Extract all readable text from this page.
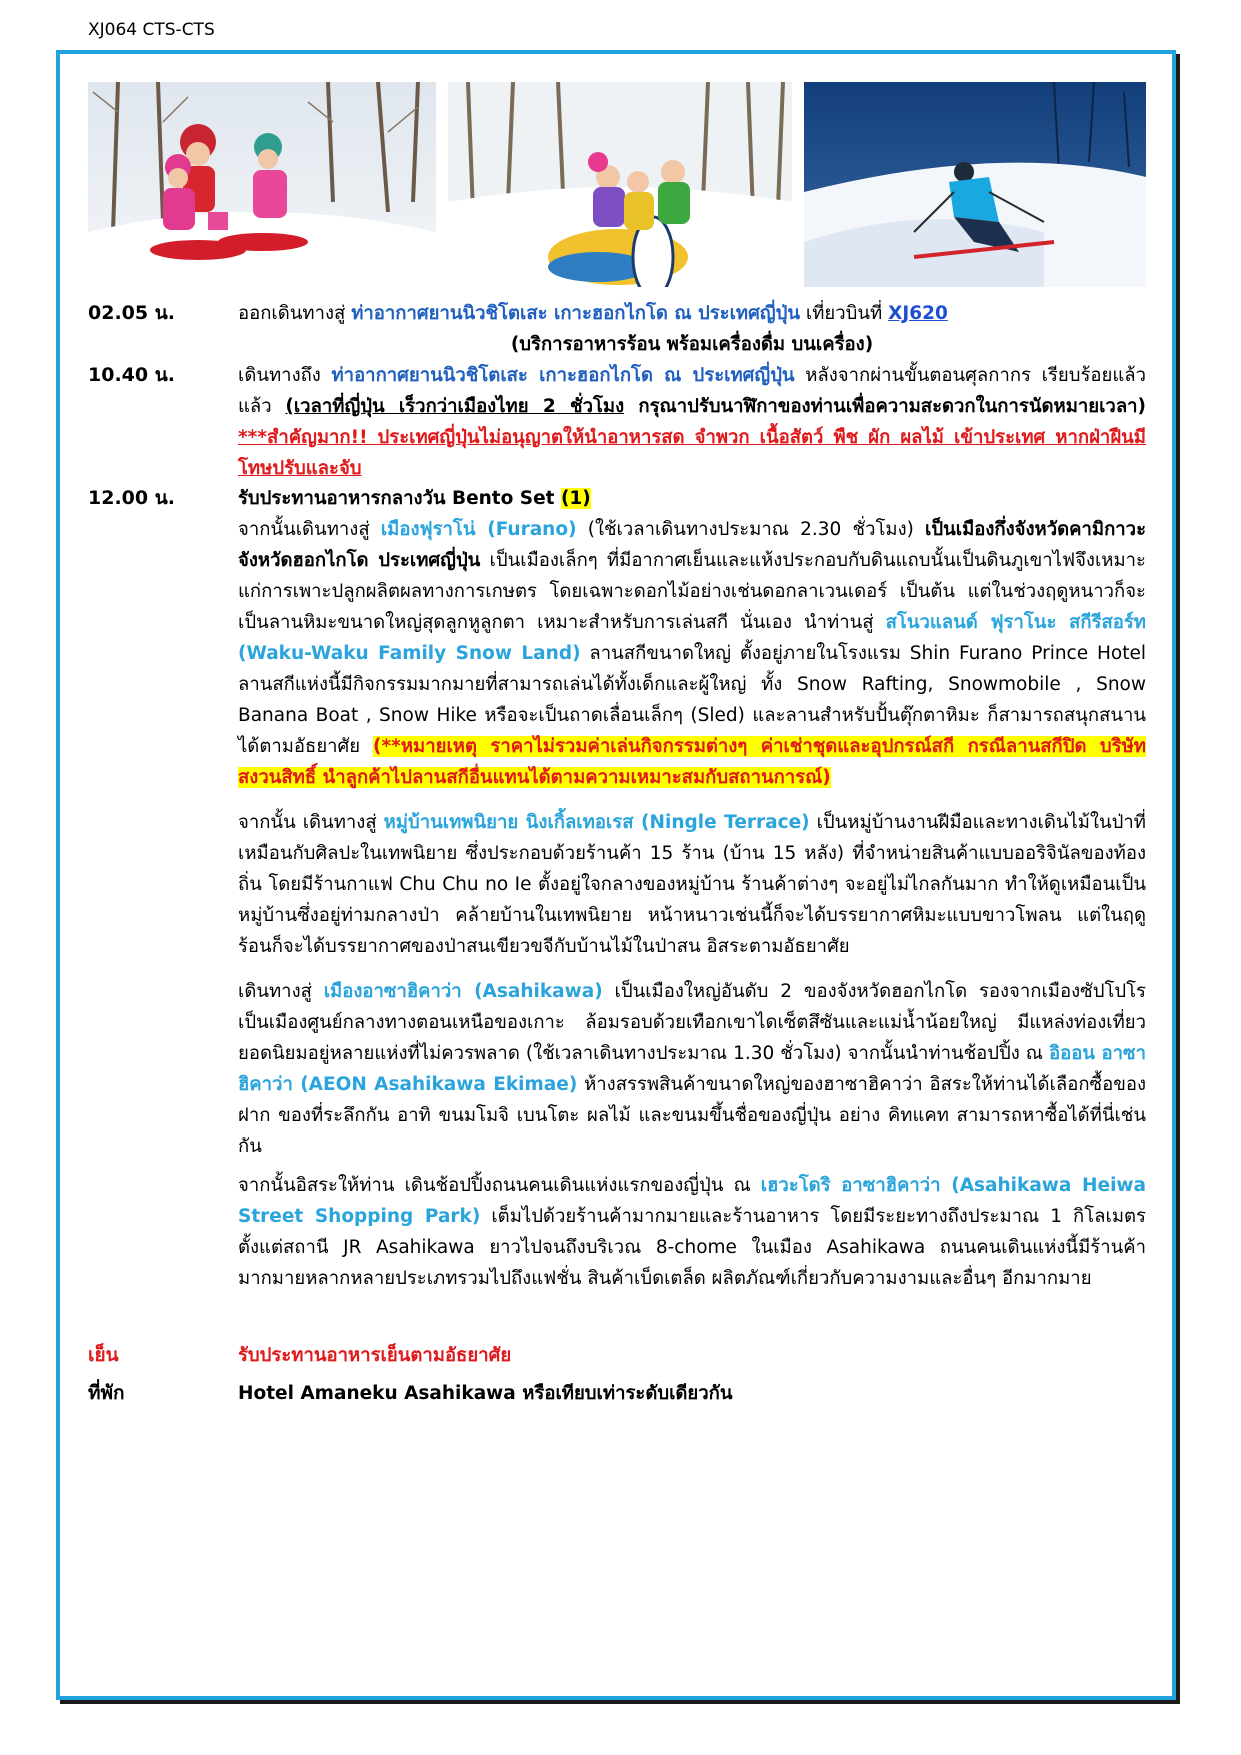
XJ064 CTS-CTS
02.05 น.	ออกเดินทางสู่ ท่าอากาศยานนิวชิโตเสะ เกาะฮอกไกโด ณ ประเทศญี่ปุ่น เที่ยวบินที่ XJ620
(บริการอาหารร้อน พร้อมเครื่องดื่ม บนเครื่อง)
10.40 น.	เดินทางถึง ท่าอากาศยานนิวชิโตเสะ เกาะฮอกไกโด ณ ประเทศญี่ปุ่น หลังจากผ่านขั้นตอนศุลกากร เรียบร้อยแล้ว แล้ว (เวลาที่ญี่ปุ่น เร็วกว่าเมืองไทย 2 ชั่วโมง กรุณาปรับนาฬิกาของท่านเพื่อความสะดวกในการนัดหมายเวลา) ***สำคัญมาก!! ประเทศญี่ปุ่นไม่อนุญาตให้นำอาหารสด จำพวก เนื้อสัตว์ พืช ผัก ผลไม้ เข้าประเทศ หากฝ่าฝืนมีโทษปรับและจับ
12.00 น.	รับประทานอาหารกลางวัน Bento Set (1)
จากนั้นเดินทางสู่ เมืองฟุราโน่ (Furano) (ใช้เวลาเดินทางประมาณ 2.30 ชั่วโมง) เป็นเมืองกึ่งจังหวัดคามิกาวะ จังหวัดฮอกไกโด ประเทศญี่ปุ่น เป็นเมืองเล็กๆ ที่มีอากาศเย็นและแห้งประกอบกับดินแถบนั้นเป็นดินภูเขาไฟจึงเหมาะแก่การเพาะปลูกผลิตผลทางการเกษตร โดยเฉพาะดอกไม้อย่างเช่นดอกลาเวนเดอร์ เป็นต้น แต่ในช่วงฤดูหนาวก็จะเป็นลานหิมะขนาดใหญ่สุดลูกหูลูกตา เหมาะสำหรับการเล่นสกี นั่นเอง นำท่านสู่ สโนวแลนด์ ฟุราโนะ สกีรีสอร์ท (Waku-Waku Family Snow Land) ลานสกีขนาดใหญ่ ตั้งอยู่ภายในโรงแรม Shin Furano Prince Hotel ลานสกีแห่งนี้มีกิจกรรมมากมายที่สามารถเล่นได้ทั้งเด็กและผู้ใหญ่ ทั้ง Snow Rafting, Snowmobile , Snow Banana Boat , Snow Hike หรือจะเป็นถาดเลื่อนเล็กๆ (Sled) และลานสำหรับปั้นตุ๊กตาหิมะ ก็สามารถสนุกสนานได้ตามอัธยาศัย (**หมายเหตุ ราคาไม่รวมค่าเล่นกิจกรรมต่างๆ ค่าเช่าชุดและอุปกรณ์สกี กรณีลานสกีปิด บริษัทสงวนสิทธิ์ นำลูกค้าไปลานสกีอื่นแทนได้ตามความเหมาะสมกับสถานการณ์)
จากนั้น เดินทางสู่ หมู่บ้านเทพนิยาย นิงเกิ้ลเทอเรส (Ningle Terrace) เป็นหมู่บ้านงานฝีมือและทางเดินไม้ในป่าที่เหมือนกับศิลปะในเทพนิยาย ซึ่งประกอบด้วยร้านค้า 15 ร้าน (บ้าน 15 หลัง) ที่จำหน่ายสินค้าแบบออริจินัลของท้องถิ่น โดยมีร้านกาแฟ Chu Chu no Ie ตั้งอยู่ใจกลางของหมู่บ้าน ร้านค้าต่างๆ จะอยู่ไม่ไกลกันมาก ทำให้ดูเหมือนเป็นหมู่บ้านซึ่งอยู่ท่ามกลางป่า คล้ายบ้านในเทพนิยาย หน้าหนาวเช่นนี้ก็จะได้บรรยากาศหิมะแบบขาวโพลน แต่ในฤดูร้อนก็จะได้บรรยากาศของป่าสนเขียวขจีกับบ้านไม้ในป่าสน อิสระตามอัธยาศัย
เดินทางสู่ เมืองอาซาฮิคาว่า (Asahikawa) เป็นเมืองใหญ่อันดับ 2 ของจังหวัดฮอกไกโด รองจากเมืองซัปโปโร เป็นเมืองศูนย์กลางทางตอนเหนือของเกาะ ล้อมรอบด้วยเทือกเขาไดเซ็ตสึซันและแม่น้ำน้อยใหญ่ มีแหล่งท่องเที่ยวยอดนิยมอยู่หลายแห่งที่ไม่ควรพลาด (ใช้เวลาเดินทางประมาณ 1.30 ชั่วโมง) จากนั้นนำท่านช้อปปิ้ง ณ อิออน อาซาฮิคาว่า (AEON Asahikawa Ekimae) ห้างสรรพสินค้าขนาดใหญ่ของฮาซาฮิคาว่า อิสระให้ท่านได้เลือกซื้อของฝาก ของที่ระลึกกัน อาทิ ขนมโมจิ เบนโตะ ผลไม้ และขนมขึ้นชื่อของญี่ปุ่น อย่าง คิทแคท สามารถหาซื้อได้ที่นี่เช่นกัน
จากนั้นอิสระให้ท่าน เดินช้อปปิ้งถนนคนเดินแห่งแรกของญี่ปุ่น ณ เฮวะโดริ อาซาฮิคาว่า (Asahikawa Heiwa Street Shopping Park) เต็มไปด้วยร้านค้ามากมายและร้านอาหาร โดยมีระยะทางถึงประมาณ 1 กิโลเมตรตั้งแต่สถานี JR Asahikawa ยาวไปจนถึงบริเวณ 8-chome ในเมือง Asahikawa ถนนคนเดินแห่งนี้มีร้านค้ามากมายหลากหลายประเภทรวมไปถึงแฟชั่น สินค้าเบ็ดเตล็ด ผลิตภัณฑ์เกี่ยวกับความงามและอื่นๆ อีกมากมาย
เย็น	รับประทานอาหารเย็นตามอัธยาศัย
ที่พัก	Hotel Amaneku Asahikawa หรือเทียบเท่าระดับเดียวกัน
